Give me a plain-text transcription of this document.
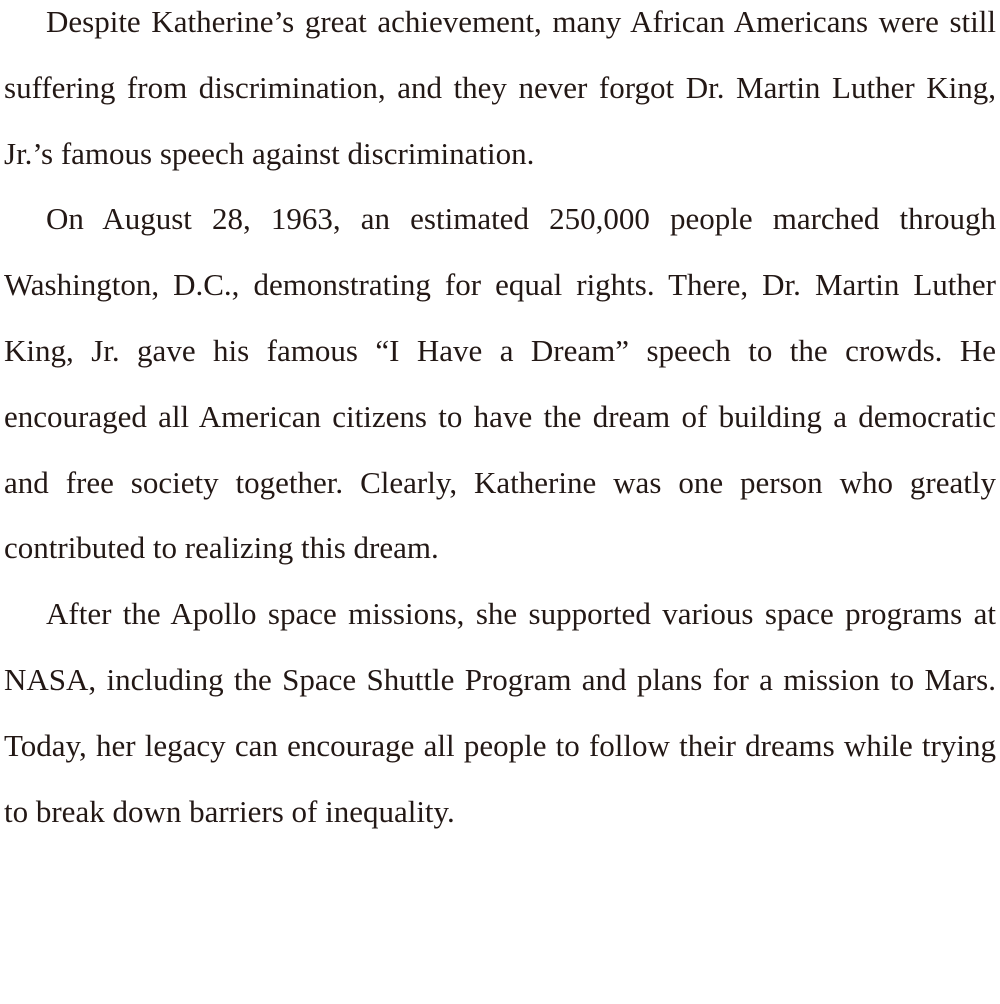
Despite Katherine’s great achievement, many African Americans were still suffering from discrimination, and they never forgot Dr. Martin Luther King, Jr.’s famous speech against discrimination.

On August 28, 1963, an estimated 250,000 people marched through Washington, D.C., demonstrating for equal rights. There, Dr. Martin Luther King, Jr. gave his famous “I Have a Dream” speech to the crowds. He encouraged all American citizens to have the dream of building a democratic and free society together. Clearly, Katherine was one person who greatly contributed to realizing this dream.

After the Apollo space missions, she supported various space programs at NASA, including the Space Shuttle Program and plans for a mission to Mars. Today, her legacy can encourage all people to follow their dreams while trying to break down barriers of inequality.
